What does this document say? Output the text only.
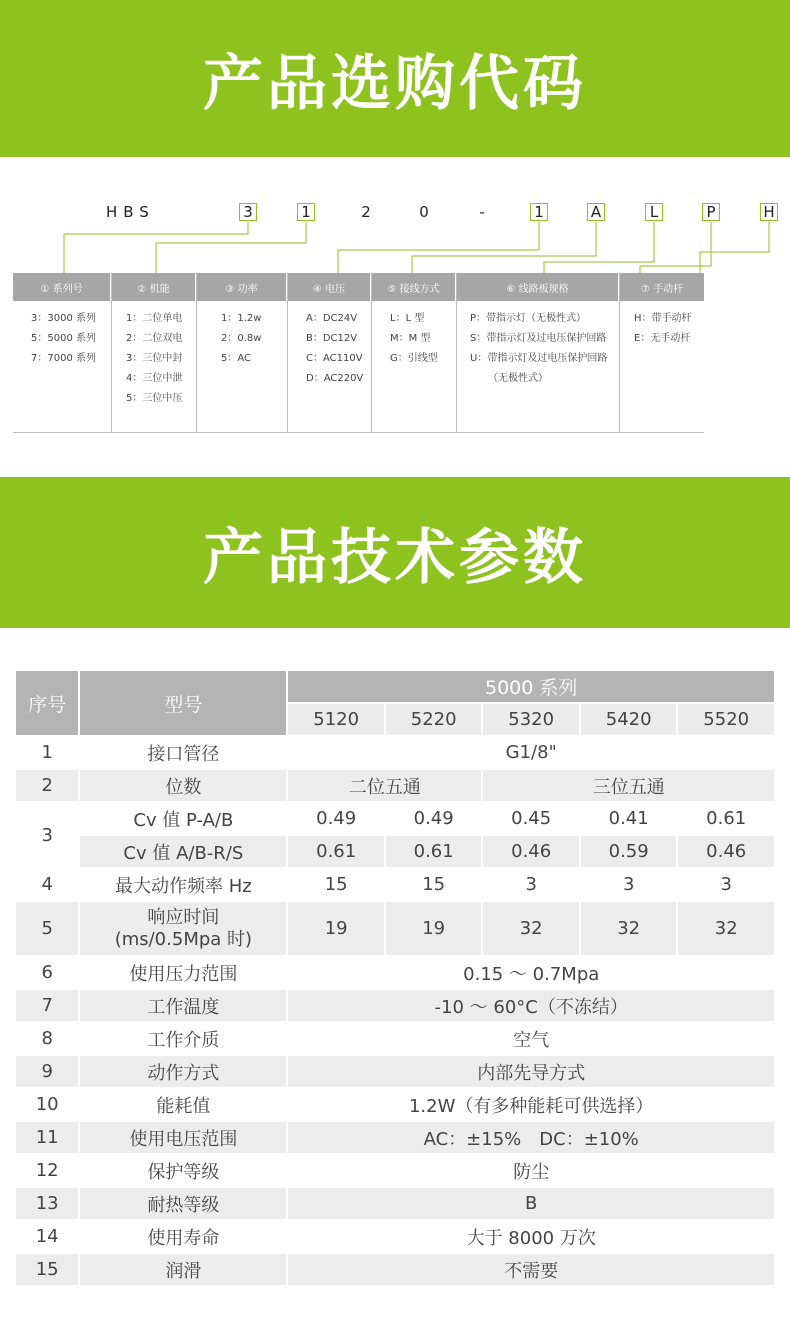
产品选购代码
HBS	3	1	2	0	-	1	A	L	P	H
① 系列号
3：3000 系列
5：5000 系列
7：7000 系列
② 机能
1：二位单电
2：二位双电
3：三位中封
4：三位中泄
5：三位中压
③ 功率
1：1.2w
2：0.8w
5：AC
④ 电压
A：DC24V
B：DC12V
C：AC110V
D：AC220V
⑤ 接线方式
L：L 型
M：M 型
G：引线型
⑥ 线路板规格
P：带指示灯（无极性式）
S：带指示灯及过电压保护回路
U：带指示灯及过电压保护回路
（无极性式）
⑦ 手动杆
H：带手动杆
E：无手动杆
产品技术参数
序号	型号	5000 系列				
		5120	5220	5320	5420	5520
1	接口管径	G1/8"				
2	位数	二位五通		三位五通		
3	Cv 值 P-A/B	0.49	0.49	0.45	0.41	0.61
	Cv 值 A/B-R/S	0.61	0.61	0.46	0.59	0.46
4	最大动作频率 Hz	15	15	3	3	3
5	响应时间
(ms/0.5Mpa 时)	19	19	32	32	32
6	使用压力范围	0.15 ～ 0.7Mpa				
7	工作温度	-10 ～ 60°C（不冻结）				
8	工作介质	空气				
9	动作方式	内部先导方式				
10	能耗值	1.2W（有多种能耗可供选择）				
11	使用电压范围	AC：±15%　DC：±10%				
12	保护等级	防尘				
13	耐热等级	B				
14	使用寿命	大于 8000 万次				
15	润滑	不需要				
